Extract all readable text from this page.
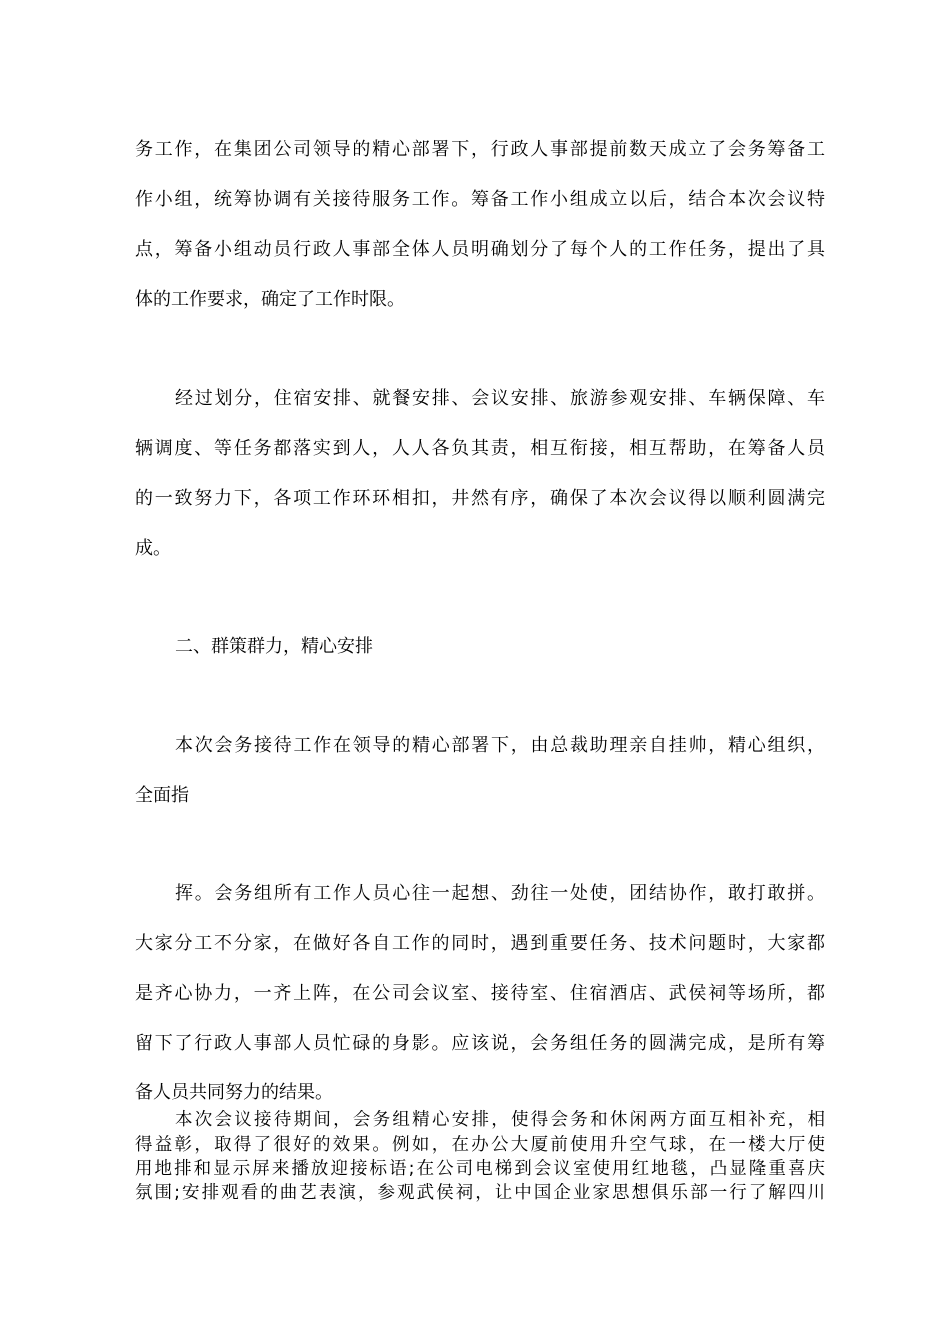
务工作，在集团公司领导的精心部署下，行政人事部提前数天成立了会务筹备工
作小组，统筹协调有关接待服务工作。筹备工作小组成立以后，结合本次会议特
点，筹备小组动员行政人事部全体人员明确划分了每个人的工作任务，提出了具
体的工作要求，确定了工作时限。
经过划分，住宿安排、就餐安排、会议安排、旅游参观安排、车辆保障、车
辆调度、等任务都落实到人，人人各负其责，相互衔接，相互帮助，在筹备人员
的一致努力下，各项工作环环相扣，井然有序，确保了本次会议得以顺利圆满完
成。
二、群策群力，精心安排
本次会务接待工作在领导的精心部署下，由总裁助理亲自挂帅，精心组织，
全面指
挥。会务组所有工作人员心往一起想、劲往一处使，团结协作，敢打敢拼。
大家分工不分家，在做好各自工作的同时，遇到重要任务、技术问题时，大家都
是齐心协力，一齐上阵，在公司会议室、接待室、住宿酒店、武侯祠等场所，都
留下了行政人事部人员忙碌的身影。应该说，会务组任务的圆满完成，是所有筹
备人员共同努力的结果。
本次会议接待期间，会务组精心安排，使得会务和休闲两方面互相补充，相
得益彰，取得了很好的效果。例如，在办公大厦前使用升空气球，在一楼大厅使
用地排和显示屏来播放迎接标语;在公司电梯到会议室使用红地毯，凸显隆重喜庆
氛围;安排观看的曲艺表演，参观武侯祠，让中国企业家思想俱乐部一行了解四川
